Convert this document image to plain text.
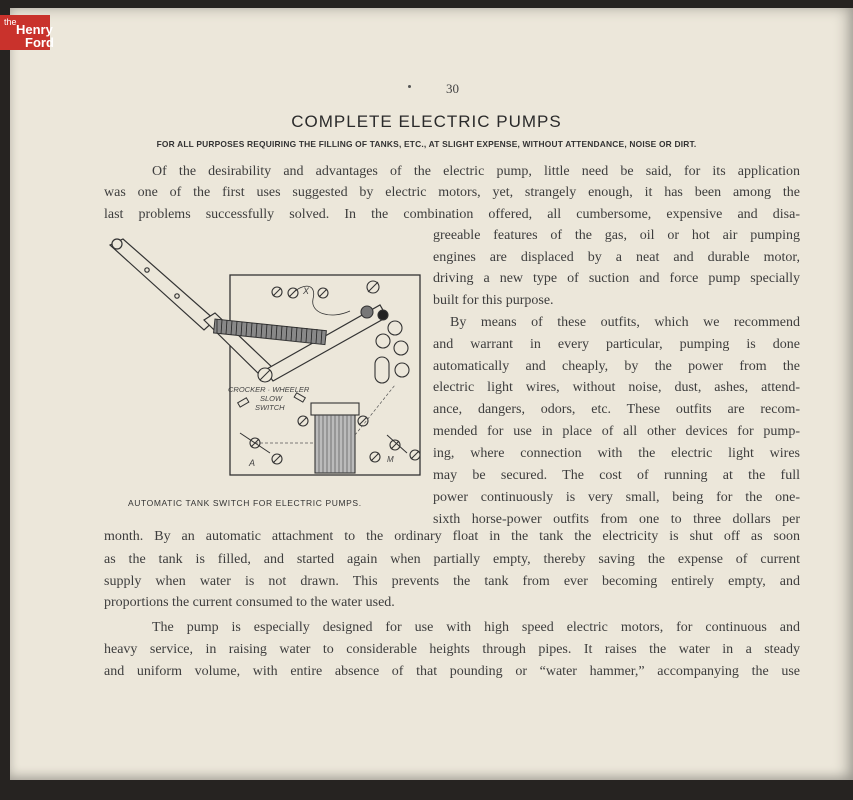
the Henry
Ford
30
COMPLETE ELECTRIC PUMPS
FOR ALL PURPOSES REQUIRING THE FILLING OF TANKS, ETC., AT SLIGHT EXPENSE, WITHOUT ATTENDANCE, NOISE OR DIRT.
Of the desirability and advantages of the electric pump, little need be said, for its application
was one of the first uses suggested by electric motors, yet, strangely enough, it has been among the
last problems successfully solved. In the combination offered, all cumbersome, expensive and disa-
greeable features of the gas, oil or hot air pumping
engines are displaced by a neat and durable motor,
driving a new type of suction and force pump specially
built for this purpose.
By means of these outfits, which we recommend
and warrant in every particular, pumping is done
automatically and cheaply, by the power from the
electric light wires, without noise, dust, ashes, attend-
ance, dangers, odors, etc. These outfits are recom-
mended for use in place of all other devices for pump-
ing, where connection with the electric light wires
may be secured. The cost of running at the full
power continuously is very small, being for the one-
sixth horse-power outfits from one to three dollars per
month. By an automatic attachment to the ordinary float in the tank the electricity is shut off as soon
as the tank is filled, and started again when partially empty, thereby saving the expense of current
supply when water is not drawn. This prevents the tank from ever becoming entirely empty, and
proportions the current consumed to the water used.
The pump is especially designed for use with high speed electric motors, for continuous and
heavy service, in raising water to considerable heights through pipes. It raises the water in a steady
and uniform volume, with entire absence of that pounding or “water hammer,” accompanying the use
CROCKER · WHEELER
SLOW
SWITCH
X
A	M
AUTOMATIC TANK SWITCH FOR ELECTRIC PUMPS.
